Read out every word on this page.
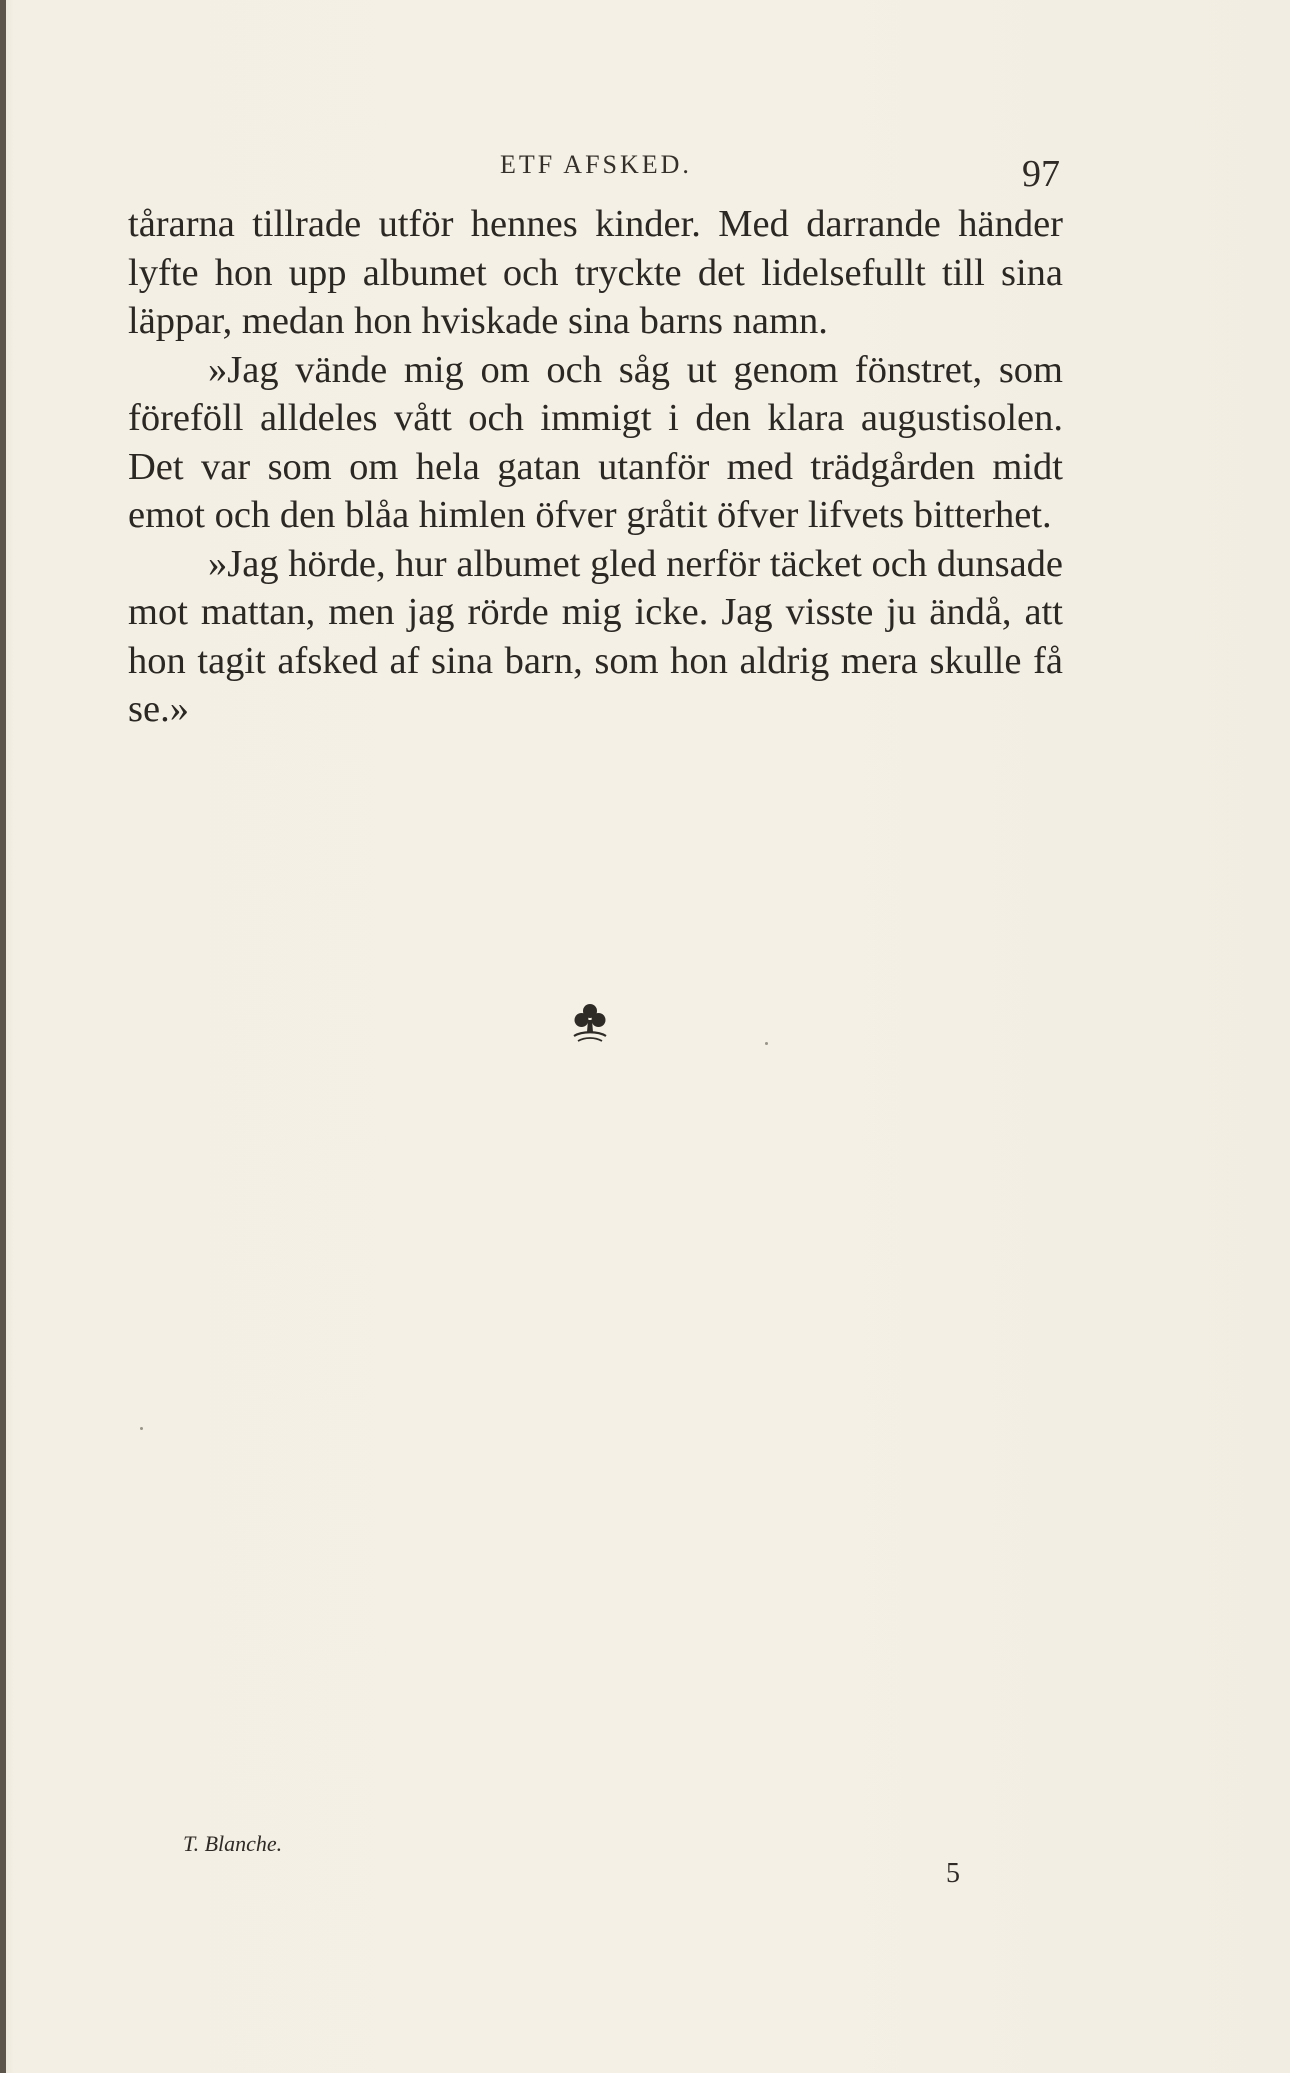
ETF AFSKED.	97

tårarna tillrade utför hennes kinder. Med darrande händer lyfte hon upp albumet och tryckte det lidelsefullt till sina läppar, medan hon hviskade sina barns namn.

»Jag vände mig om och såg ut genom fönstret, som föreföll alldeles vått och immigt i den klara augustisolen. Det var som om hela gatan utanför med trädgården midt emot och den blåa himlen öfver gråtit öfver lifvets bitterhet.

»Jag hörde, hur albumet gled nerför täcket och dunsade mot mattan, men jag rörde mig icke. Jag visste ju ändå, att hon tagit afsked af sina barn, som hon aldrig mera skulle få se.»

T. Blanche.
5
